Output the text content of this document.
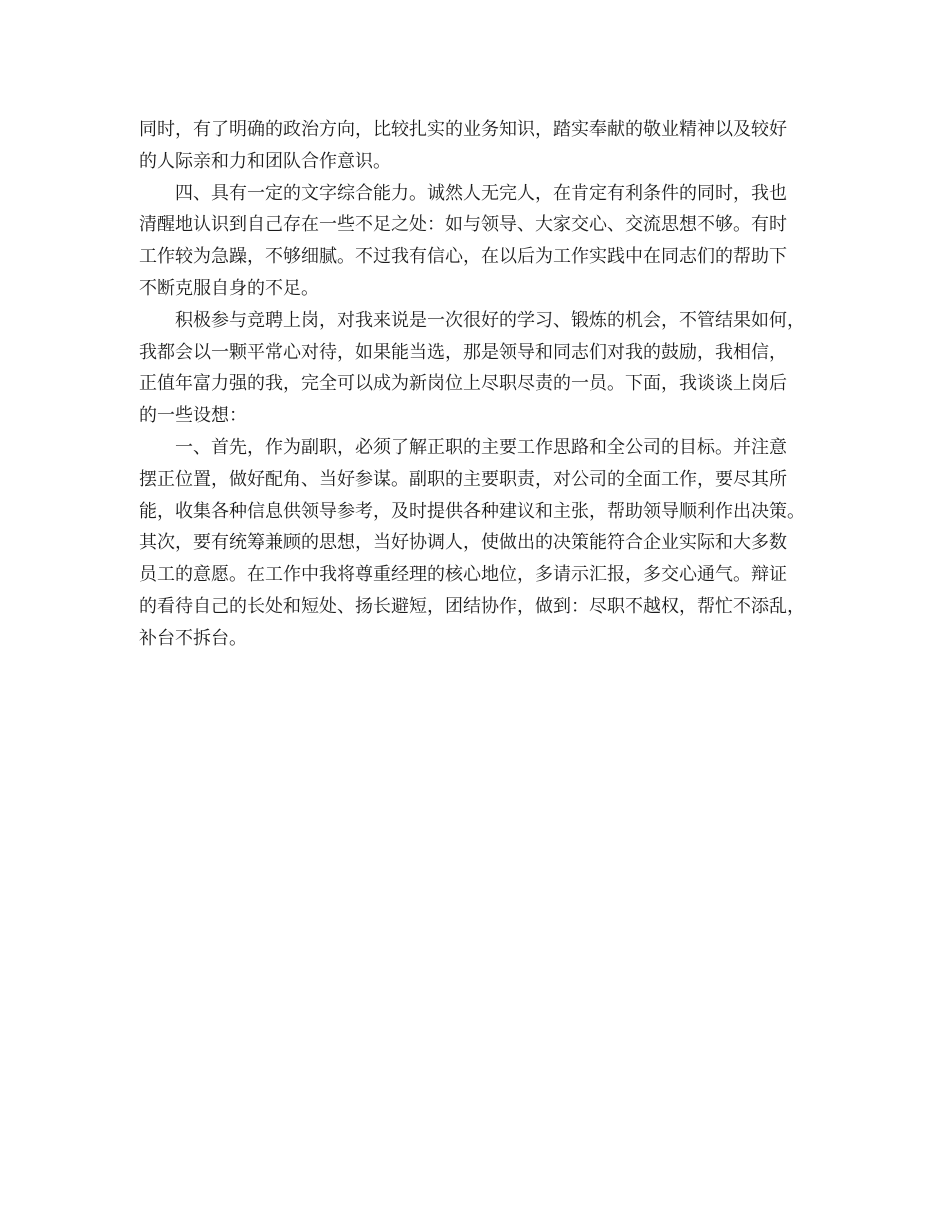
同时，有了明确的政治方向，比较扎实的业务知识，踏实奉献的敬业精神以及较好
的人际亲和力和团队合作意识。
四、具有一定的文字综合能力。诚然人无完人，在肯定有利条件的同时，我也
清醒地认识到自己存在一些不足之处：如与领导、大家交心、交流思想不够。有时
工作较为急躁，不够细腻。不过我有信心，在以后为工作实践中在同志们的帮助下
不断克服自身的不足。
积极参与竞聘上岗，对我来说是一次很好的学习、锻炼的机会，不管结果如何，
我都会以一颗平常心对待，如果能当选，那是领导和同志们对我的鼓励，我相信，
正值年富力强的我，完全可以成为新岗位上尽职尽责的一员。下面，我谈谈上岗后
的一些设想：
一、首先，作为副职，必须了解正职的主要工作思路和全公司的目标。并注意
摆正位置，做好配角、当好参谋。副职的主要职责，对公司的全面工作，要尽其所
能，收集各种信息供领导参考，及时提供各种建议和主张，帮助领导顺利作出决策。
其次，要有统筹兼顾的思想，当好协调人，使做出的决策能符合企业实际和大多数
员工的意愿。在工作中我将尊重经理的核心地位，多请示汇报，多交心通气。辩证
的看待自己的长处和短处、扬长避短，团结协作，做到：尽职不越权，帮忙不添乱，
补台不拆台。
